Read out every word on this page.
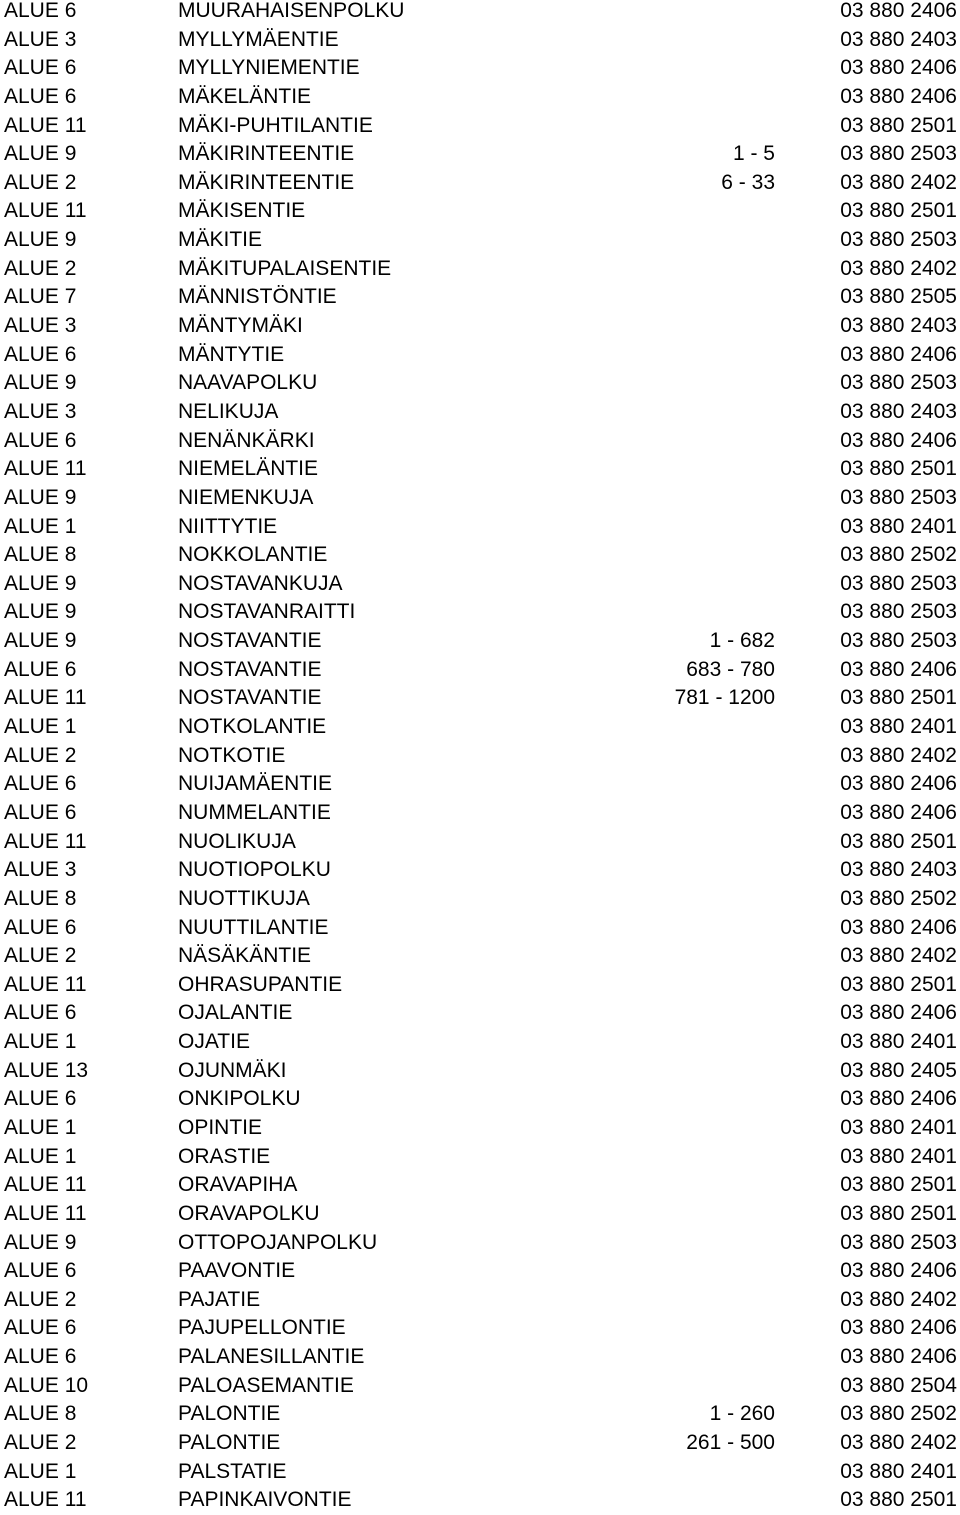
ALUE 6	MUURAHAISENPOLKU	03 880 2406
ALUE 3	MYLLYMÄENTIE	03 880 2403
ALUE 6	MYLLYNIEMENTIE	03 880 2406
ALUE 6	MÄKELÄNTIE	03 880 2406
ALUE 11	MÄKI-PUHTILANTIE	03 880 2501
ALUE 9	MÄKIRINTEENTIE	1 - 5	03 880 2503
ALUE 2	MÄKIRINTEENTIE	6 - 33	03 880 2402
ALUE 11	MÄKISENTIE	03 880 2501
ALUE 9	MÄKITIE	03 880 2503
ALUE 2	MÄKITUPALAISENTIE	03 880 2402
ALUE 7	MÄNNISTÖNTIE	03 880 2505
ALUE 3	MÄNTYMÄKI	03 880 2403
ALUE 6	MÄNTYTIE	03 880 2406
ALUE 9	NAAVAPOLKU	03 880 2503
ALUE 3	NELIKUJA	03 880 2403
ALUE 6	NENÄNKÄRKI	03 880 2406
ALUE 11	NIEMELÄNTIE	03 880 2501
ALUE 9	NIEMENKUJA	03 880 2503
ALUE 1	NIITTYTIE	03 880 2401
ALUE 8	NOKKOLANTIE	03 880 2502
ALUE 9	NOSTAVANKUJA	03 880 2503
ALUE 9	NOSTAVANRAITTI	03 880 2503
ALUE 9	NOSTAVANTIE	1 - 682	03 880 2503
ALUE 6	NOSTAVANTIE	683 - 780	03 880 2406
ALUE 11	NOSTAVANTIE	781 - 1200	03 880 2501
ALUE 1	NOTKOLANTIE	03 880 2401
ALUE 2	NOTKOTIE	03 880 2402
ALUE 6	NUIJAMÄENTIE	03 880 2406
ALUE 6	NUMMELANTIE	03 880 2406
ALUE 11	NUOLIKUJA	03 880 2501
ALUE 3	NUOTIOPOLKU	03 880 2403
ALUE 8	NUOTTIKUJA	03 880 2502
ALUE 6	NUUTTILANTIE	03 880 2406
ALUE 2	NÄSÄKÄNTIE	03 880 2402
ALUE 11	OHRASUPANTIE	03 880 2501
ALUE 6	OJALANTIE	03 880 2406
ALUE 1	OJATIE	03 880 2401
ALUE 13	OJUNMÄKI	03 880 2405
ALUE 6	ONKIPOLKU	03 880 2406
ALUE 1	OPINTIE	03 880 2401
ALUE 1	ORASTIE	03 880 2401
ALUE 11	ORAVAPIHA	03 880 2501
ALUE 11	ORAVAPOLKU	03 880 2501
ALUE 9	OTTOPOJANPOLKU	03 880 2503
ALUE 6	PAAVONTIE	03 880 2406
ALUE 2	PAJATIE	03 880 2402
ALUE 6	PAJUPELLONTIE	03 880 2406
ALUE 6	PALANESILLANTIE	03 880 2406
ALUE 10	PALOASEMANTIE	03 880 2504
ALUE 8	PALONTIE	1 - 260	03 880 2502
ALUE 2	PALONTIE	261 - 500	03 880 2402
ALUE 1	PALSTATIE	03 880 2401
ALUE 11	PAPINKAIVONTIE	03 880 2501
